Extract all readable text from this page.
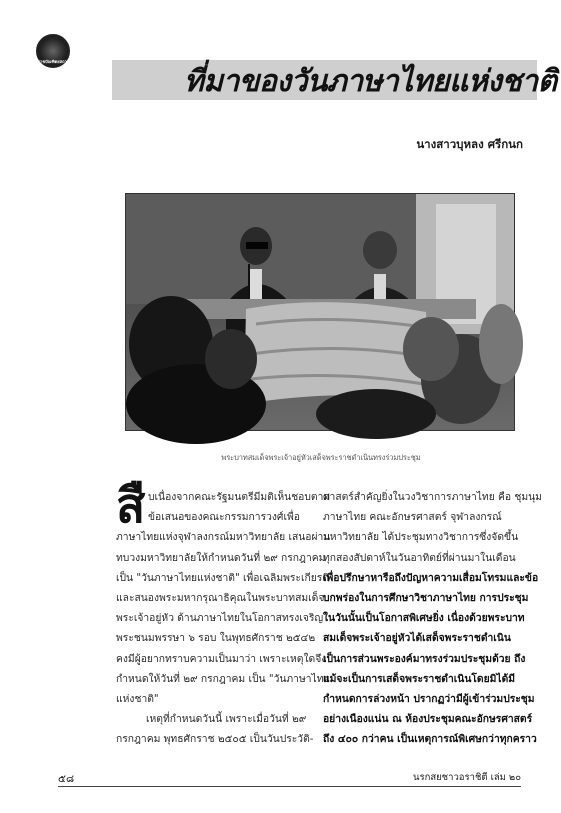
ราชบัณฑิตยสถาน
ที่มาของวันภาษาไทยแห่งชาติ
นางสาวบุหลง ศรีกนก
พระบาทสมเด็จพระเจ้าอยู่หัวเสด็จพระราชดำเนินทรงร่วมประชุม
สื บเนื่องจากคณะรัฐมนตรีมีมติเห็นชอบตาม
ข้อเสนอของคณะกรรมการวงศ์เพื่อ
ภาษาไทยแห่งจุฬาลงกรณ์มหาวิทยาลัย เสนอผ่าน
ทบวงมหาวิทยาลัยให้กำหนดวันที่ ๒๙ กรกฎาคม
เป็น "วันภาษาไทยแห่งชาติ" เพื่อเฉลิมพระเกียรติ
และสนองพระมหากรุณาธิคุณในพระบาทสมเด็จ
พระเจ้าอยู่หัว ด้านภาษาไทยในโอกาสทรงเจริญ
พระชนมพรรษา ๖ รอบ ในพุทธศักราช ๒๕๔๒
คงมีผู้อยากทราบความเป็นมาว่า เพราะเหตุใดจึง
กำหนดให้วันที่ ๒๙ กรกฎาคม เป็น "วันภาษาไทย
แห่งชาติ"
เหตุที่กำหนดวันนี้ เพราะเมื่อวันที่ ๒๙
กรกฎาคม พุทธศักราช ๒๕๐๕ เป็นวันประวัติ-
ศาสตร์สำคัญยิ่งในวงวิชาการภาษาไทย คือ ชุมนุม
ภาษาไทย คณะอักษรศาสตร์ จุฬาลงกรณ์
มหาวิทยาลัย ได้ประชุมทางวิชาการซึ่งจัดขึ้น
ทุกสองสัปดาห์ในวันอาทิตย์ที่ผ่านมาในเดือน
เพื่อปรึกษาหารือถึงปัญหาความเสื่อมโทรมและข้อ
บกพร่องในการศึกษาวิชาภาษาไทย การประชุม
ในวันนั้นเป็นโอกาสพิเศษยิ่ง เนื่องด้วยพระบาท
สมเด็จพระเจ้าอยู่หัวได้เสด็จพระราชดำเนิน
เป็นการส่วนพระองค์มาทรงร่วมประชุมด้วย ถึง
แม้จะเป็นการเสด็จพระราชดำเนินโดยมิได้มี
กำหนดการล่วงหน้า ปรากฏว่ามีผู้เข้าร่วมประชุม
อย่างเนืองแน่น ณ ห้องประชุมคณะอักษรศาสตร์
ถึง ๔๐๐ กว่าคน เป็นเหตุการณ์พิเศษกว่าทุกคราว
๕๘	นรกสยชาวอราชิตี เล่ม ๒๐
